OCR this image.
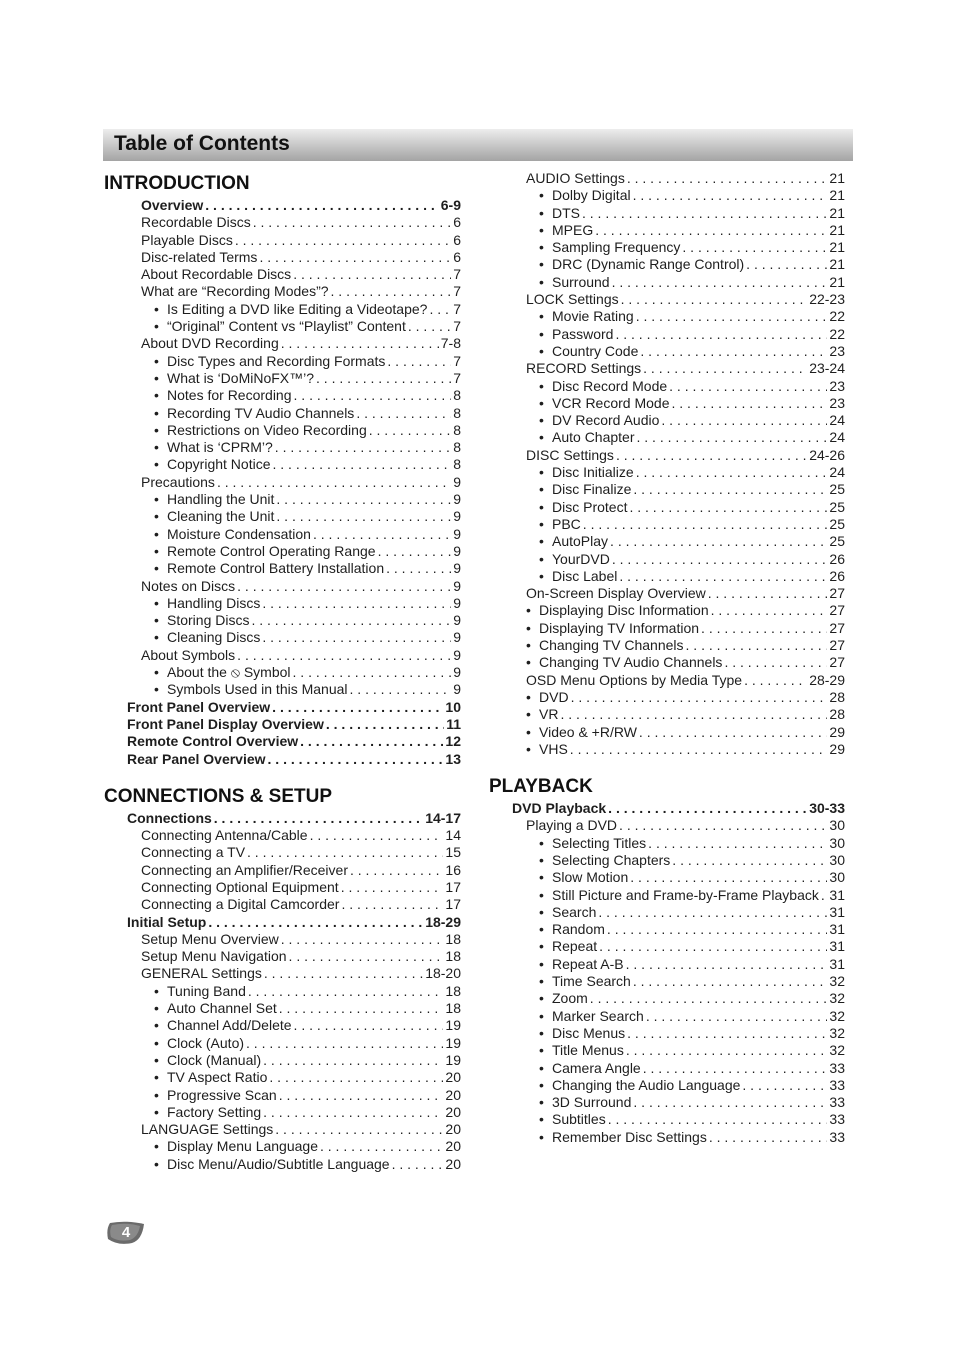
Table of Contents
INTRODUCTION
Overview . . .	6-9
Recordable Discs . . .	6
Playable Discs . . .	6
Disc-related Terms . . .	6
About Recordable Discs . . .	7
What are “Recording Modes”? . . .	7
• Is Editing a DVD like Editing a Videotape? . . . 7
• “Original” Content vs “Playlist” Content . . .	7
About DVD Recording . . .	7-8
• Disc Types and Recording Formats . . .	7
• What is ‘DoMiNoFX™’? . . .	7
• Notes for Recording . . .	8
• Recording TV Audio Channels . . .	8
• Restrictions on Video Recording . . .	8
• What is ‘CPRM’? . . .	8
• Copyright Notice . . .	8
Precautions . . .	9
• Handling the Unit . . .	9
• Cleaning the Unit . . .	9
• Moisture Condensation . . .	9
• Remote Control Operating Range . . .	9
• Remote Control Battery Installation . . .	9
Notes on Discs . . .	9
• Handling Discs . . .	9
• Storing Discs . . .	9
• Cleaning Discs . . .	9
About Symbols . . .	9
• About the ⦸ Symbol . . .	9
• Symbols Used in this Manual . . .	9
Front Panel Overview . . .	10
Front Panel Display Overview . . .	11
Remote Control Overview . . .	12
Rear Panel Overview . . .	13
CONNECTIONS & SETUP
Connections . . .	14-17
Connecting Antenna/Cable . . .	14
Connecting a TV . . .	15
Connecting an Amplifier/Receiver . . .	16
Connecting Optional Equipment . . .	17
Connecting a Digital Camcorder . . .	17
Initial Setup . . .	18-29
Setup Menu Overview . . .	18
Setup Menu Navigation . . .	18
GENERAL Settings . . .	18-20
• Tuning Band . . .	18
• Auto Channel Set . . .	18
• Channel Add/Delete . . .	19
• Clock (Auto) . . .	19
• Clock (Manual) . . .	19
• TV Aspect Ratio . . .	20
• Progressive Scan . . .	20
• Factory Setting . . .	20
LANGUAGE Settings . . .	20
• Display Menu Language . . .	20
• Disc Menu/Audio/Subtitle Language . . .	20
AUDIO Settings . . .	21
• Dolby Digital . . .	21
• DTS . . .	21
• MPEG . . .	21
• Sampling Frequency . . .	21
• DRC (Dynamic Range Control) . . .	21
• Surround . . .	21
LOCK Settings . . .	22-23
• Movie Rating . . .	22
• Password . . .	22
• Country Code . . .	23
RECORD Settings . . .	23-24
• Disc Record Mode . . .	23
• VCR Record Mode . . .	23
• DV Record Audio . . .	24
• Auto Chapter . . .	24
DISC Settings . . .	24-26
• Disc Initialize . . .	24
• Disc Finalize . . .	25
• Disc Protect . . .	25
• PBC . . .	25
• AutoPlay . . .	25
• YourDVD . . .	26
• Disc Label . . .	26
On-Screen Display Overview . . .	27
• Displaying Disc Information . . .	27
• Displaying TV Information . . .	27
• Changing TV Channels . . .	27
• Changing TV Audio Channels . . .	27
OSD Menu Options by Media Type . . .	28-29
• DVD . . .	28
• VR . . .	28
• Video & +R/RW . . .	29
• VHS . . .	29
PLAYBACK
DVD Playback . . .	30-33
Playing a DVD . . .	30
• Selecting Titles . . .	30
• Selecting Chapters . . .	30
• Slow Motion . . .	30
• Still Picture and Frame-by-Frame Playback . . . 31
• Search . . .	31
• Random . . .	31
• Repeat . . .	31
• Repeat A-B . . .	31
• Time Search . . .	32
• Zoom . . .	32
• Marker Search . . .	32
• Disc Menus . . .	32
• Title Menus . . .	32
• Camera Angle . . .	33
• Changing the Audio Language . . .	33
• 3D Surround . . .	33
• Subtitles . . .	33
• Remember Disc Settings . . .	33
4
